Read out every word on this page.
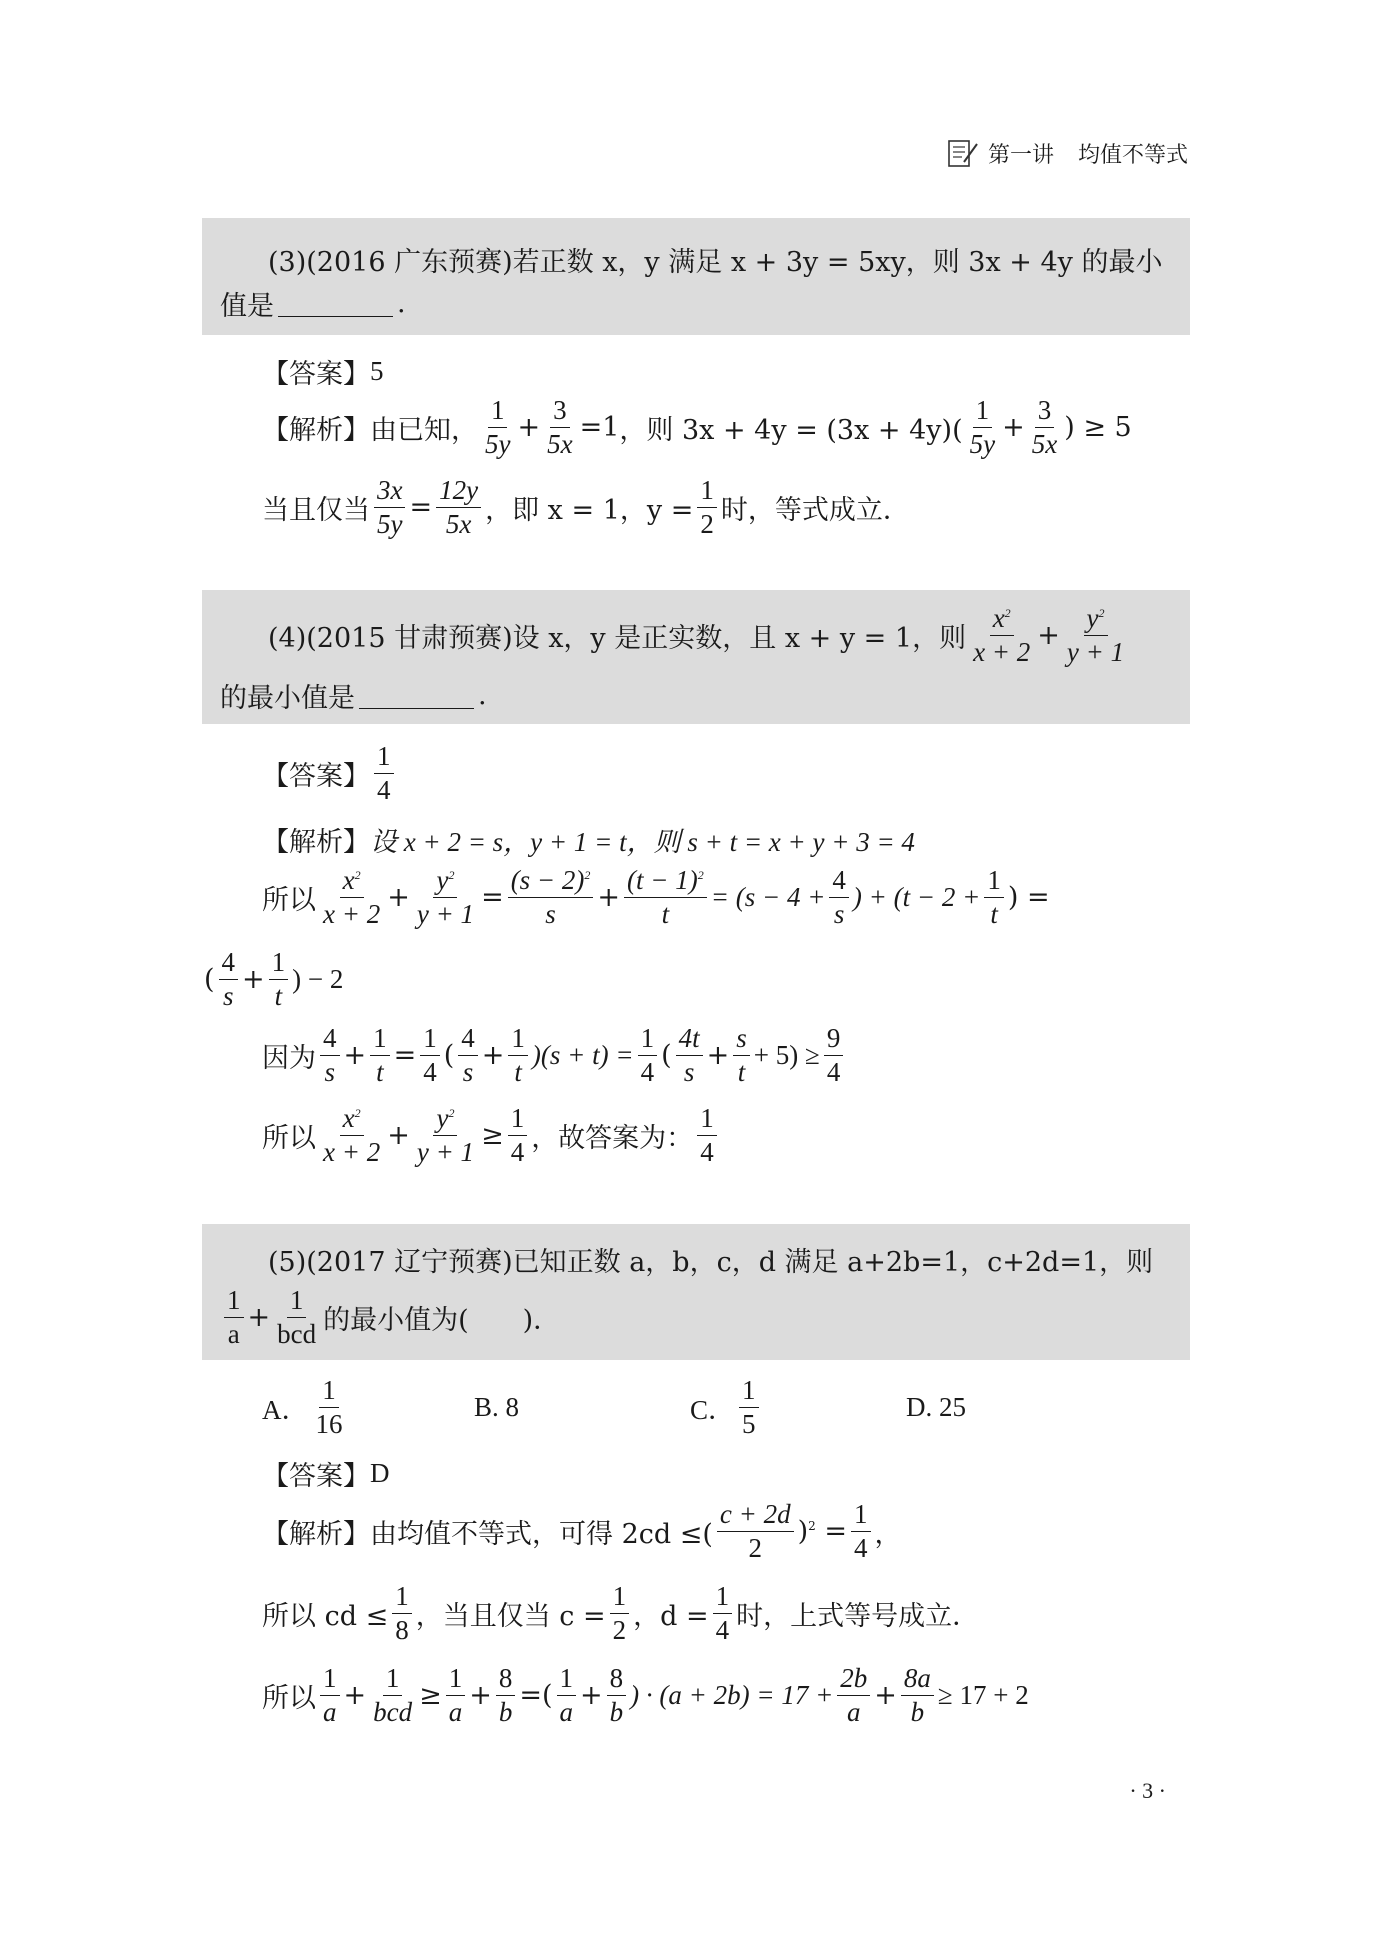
第一讲 均值不等式
(3)(2016 广东预赛)若正数 x，y 满足 x + 3y = 5xy，则 3x + 4y 的最小
值是	.
【答案】 5
【解析】 由已知，
1
5y
+
3
5x
=1 ，则 3x + 4y = (3x + 4y)(
1
5y
+
3
5x
) ≥ 5
当且仅当
3x
5y
=
12y
5x ，即 x = 1，$y = \frac{1}{2}$ 时，等式成立．
(4)(2015 甘肃预赛)设 x，y 是正实数，且 x + y = 1，则
$x^2$
x + 2
+
$y^2$
y + 1
的最小值是	.
【答案】
1
4
【解析】 设 x + 2 = s，y + 1 = t，则 s + t = x + y + 3 = 4
所以
$x^2$
x + 2
+
$y^2$
y + 1
=
$(s - 2)^2$
s
+ $\frac{(t - 1)^2}{t} = (s - 4 + \frac{4}{s}$ ) + ($t - 2 + \frac{1}{t}$ ) =
(
4
s
+
1
t
) − 2
因为
4
s
+
1
t
=
1
4
(
4
s
+
1
t
)$(s + t) = \frac{1}{4}$ (
4t
s
+
s
t
+ $5) \ge \frac{9}{4}$
所以
$x^2$
x + 2
+
$y^2$
y + 1
≥
1
4 ，故答案为：
1
4
(5)(2017 辽宁预赛)已知正数 a，b，c，d 满足 a+2b=1，c+2d=1，则
1
a
+
1
bcd 的最小值为(　　)．
A．
1
16
B. 8	C．
1
5
D. 25
【答案】 D
【解析】 由均值不等式，可得 2cd ≤(
c + 2d
2
)$^2 = \frac{1}{4}$ ，
所以 cd ≤ $\frac{1}{8}$ ，当且仅当 $c = \frac{1}{2}$ ，$d = \frac{1}{4}$ 时，上式等号成立．
所以
1
a
+
1
bcd
≥
1
a
+
8
b
=(
1
a
+
8
b
) · $(a + 2b) = 17 + \frac{2b}{a} + \frac{8a}{b} \ge 17 + 2$
· 3 ·
